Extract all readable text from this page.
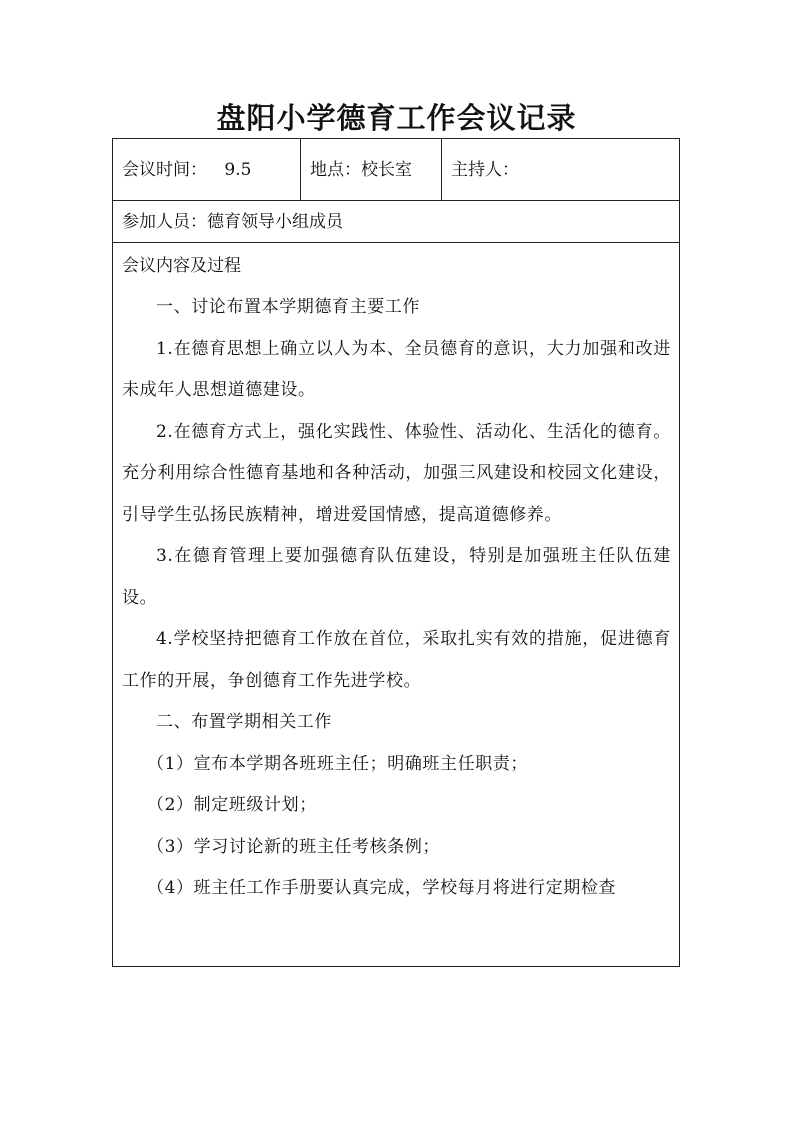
盘阳小学德育工作会议记录
会议时间： 9.5	地点：校长室	主持人：
参加人员：德育领导小组成员

会议内容及过程

一、讨论布置本学期德育主要工作

1.在德育思想上确立以人为本、全员德育的意识，大力加强和改进未成年人思想道德建设。

2.在德育方式上，强化实践性、体验性、活动化、生活化的德育。充分利用综合性德育基地和各种活动，加强三风建设和校园文化建设，引导学生弘扬民族精神，增进爱国情感，提高道德修养。

3.在德育管理上要加强德育队伍建设，特别是加强班主任队伍建设。

4.学校坚持把德育工作放在首位，采取扎实有效的措施，促进德育工作的开展，争创德育工作先进学校。

二、布置学期相关工作

（1）宣布本学期各班班主任；明确班主任职责；

（2）制定班级计划；

（3）学习讨论新的班主任考核条例；

（4）班主任工作手册要认真完成，学校每月将进行定期检查
